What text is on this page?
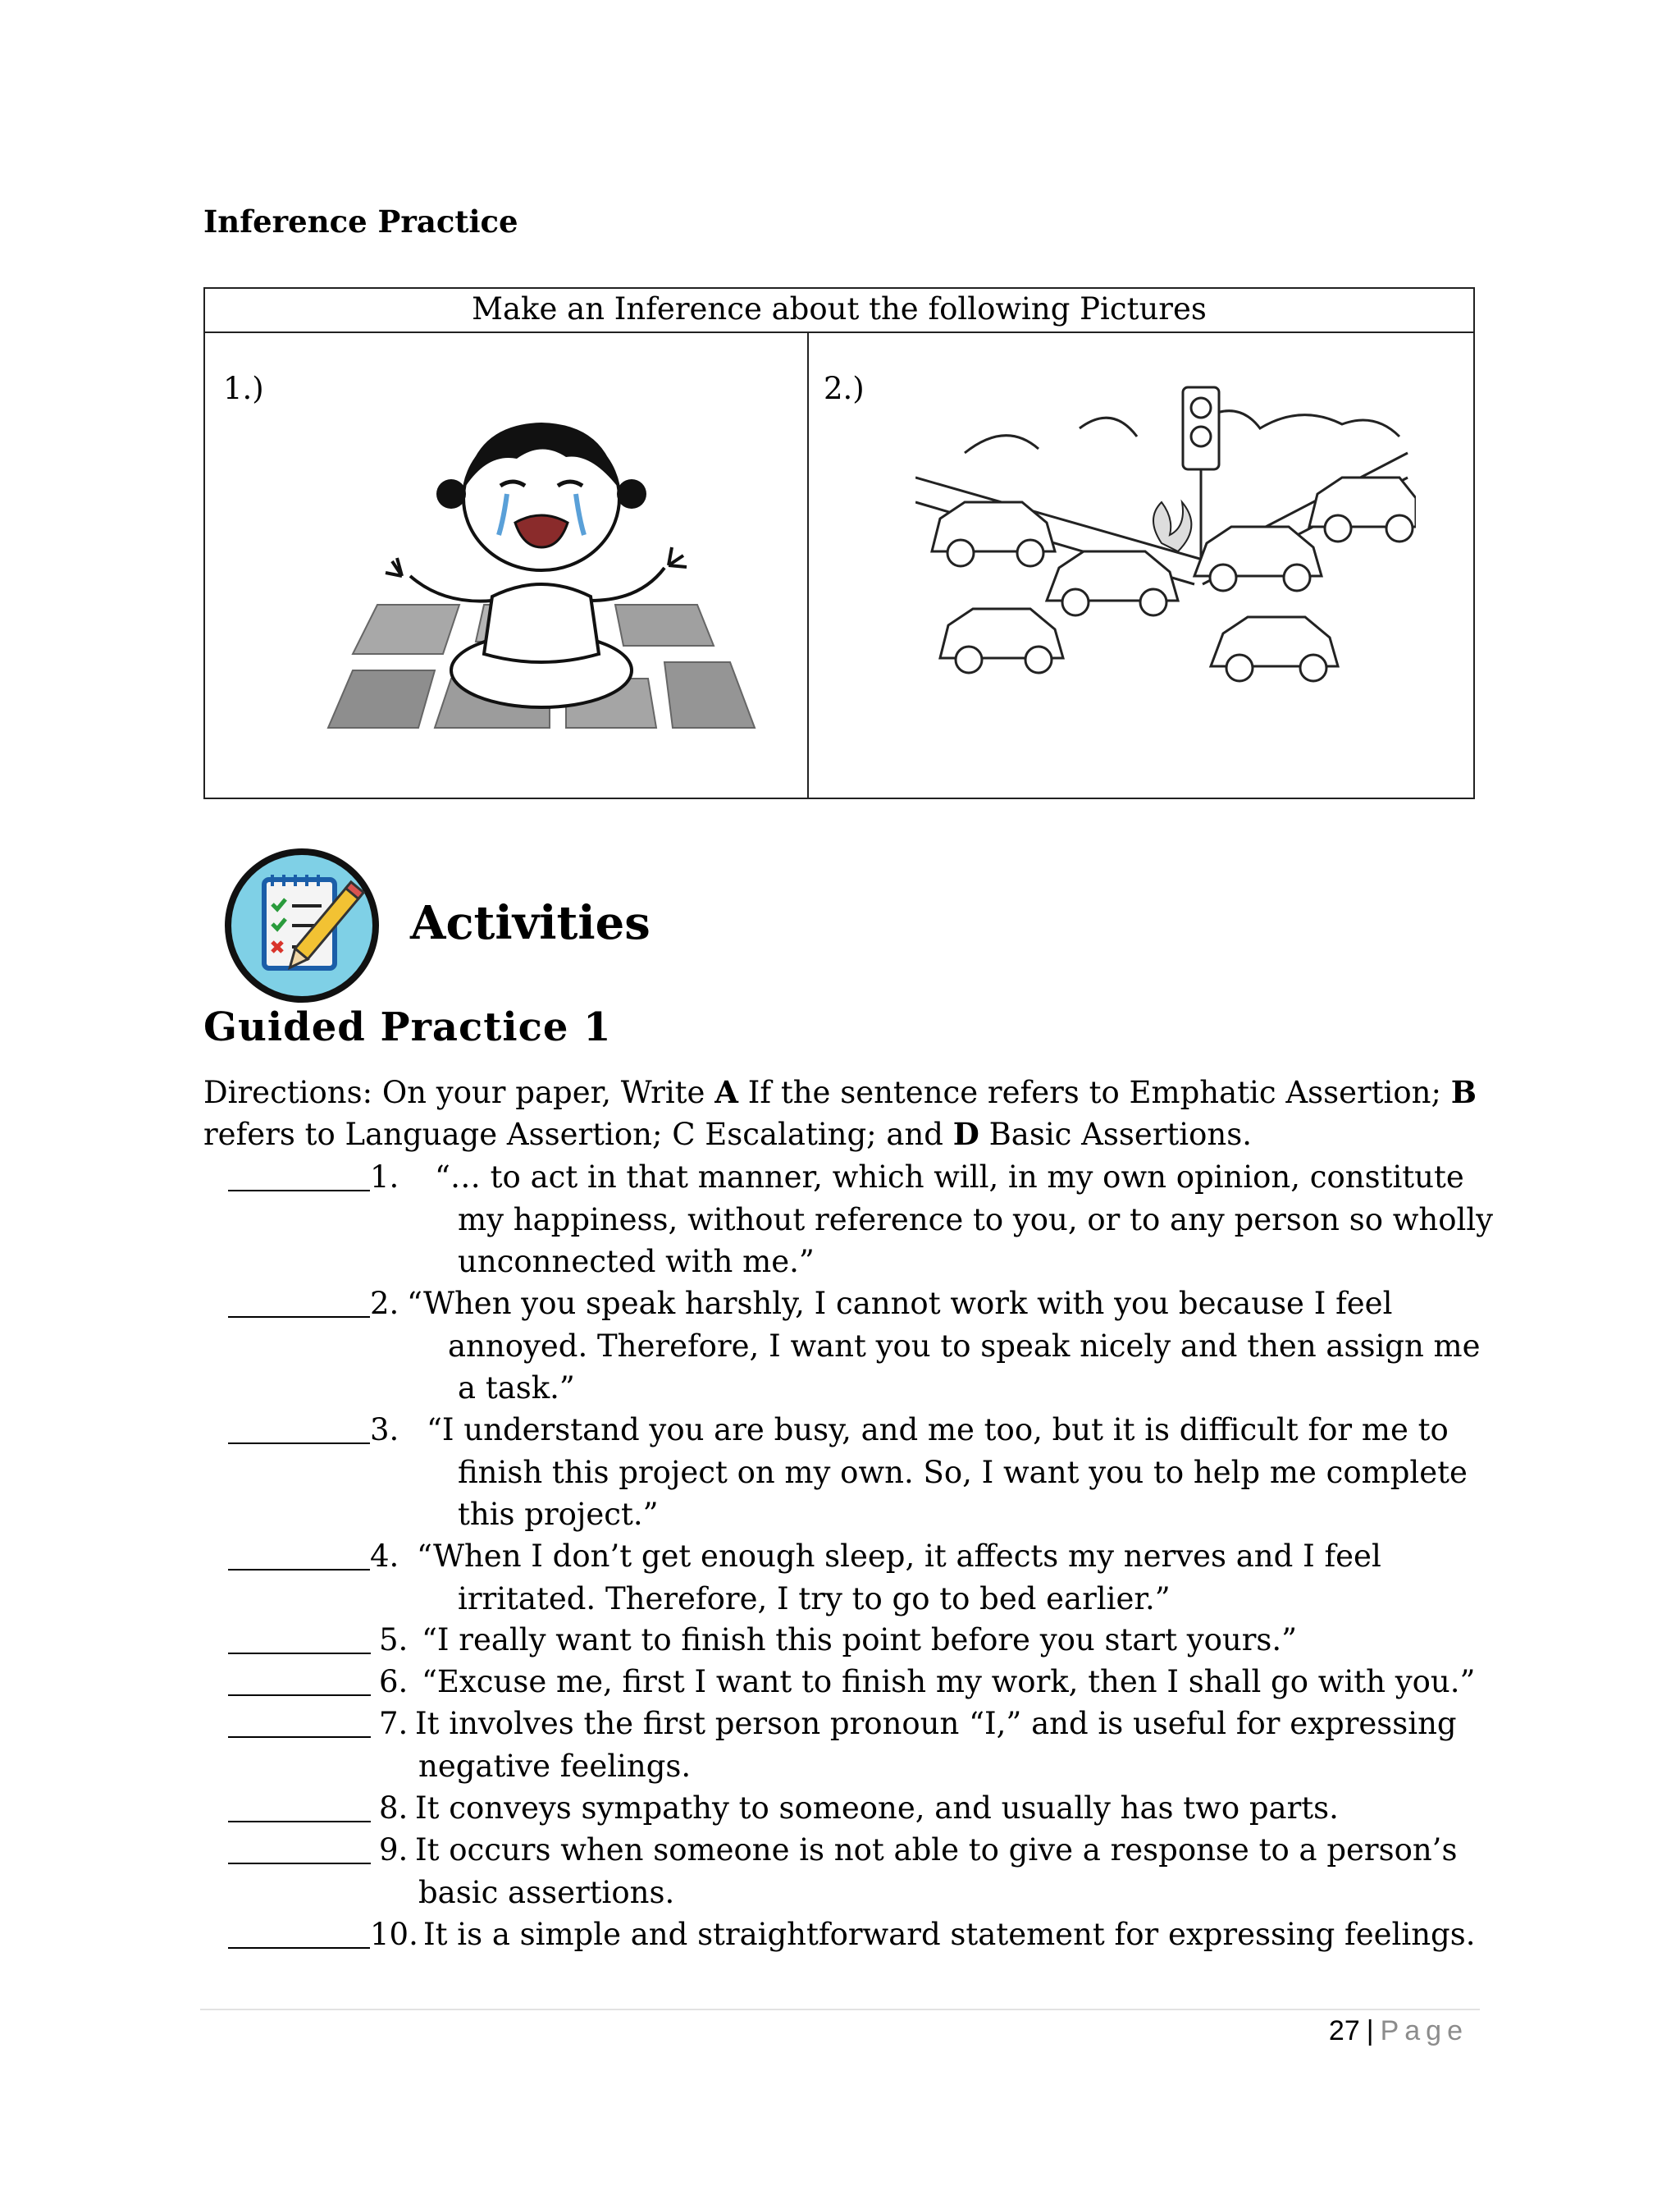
Inference Practice
Make an Inference about the following Pictures
1.)	2.)
Activities
Guided Practice 1
Directions: On your paper, Write A If the sentence refers to Emphatic Assertion; B refers to Language Assertion; C Escalating; and D Basic Assertions.
1. “… to act in that manner, which will, in my own opinion, constitute
my happiness, without reference to you, or to any person so wholly
unconnected with me.”
2. “When you speak harshly, I cannot work with you because I feel
annoyed. Therefore, I want you to speak nicely and then assign me
a task.”
3. “I understand you are busy, and me too, but it is difficult for me to
finish this project on my own. So, I want you to help me complete
this project.”
4. “When I don’t get enough sleep, it affects my nerves and I feel
irritated. Therefore, I try to go to bed earlier.”
5. “I really want to finish this point before you start yours.”
6. “Excuse me, first I want to finish my work, then I shall go with you.”
7. It involves the first person pronoun “I,” and is useful for expressing
negative feelings.
8. It conveys sympathy to someone, and usually has two parts.
9. It occurs when someone is not able to give a response to a person’s
basic assertions.
10. It is a simple and straightforward statement for expressing feelings.
27 | Page
